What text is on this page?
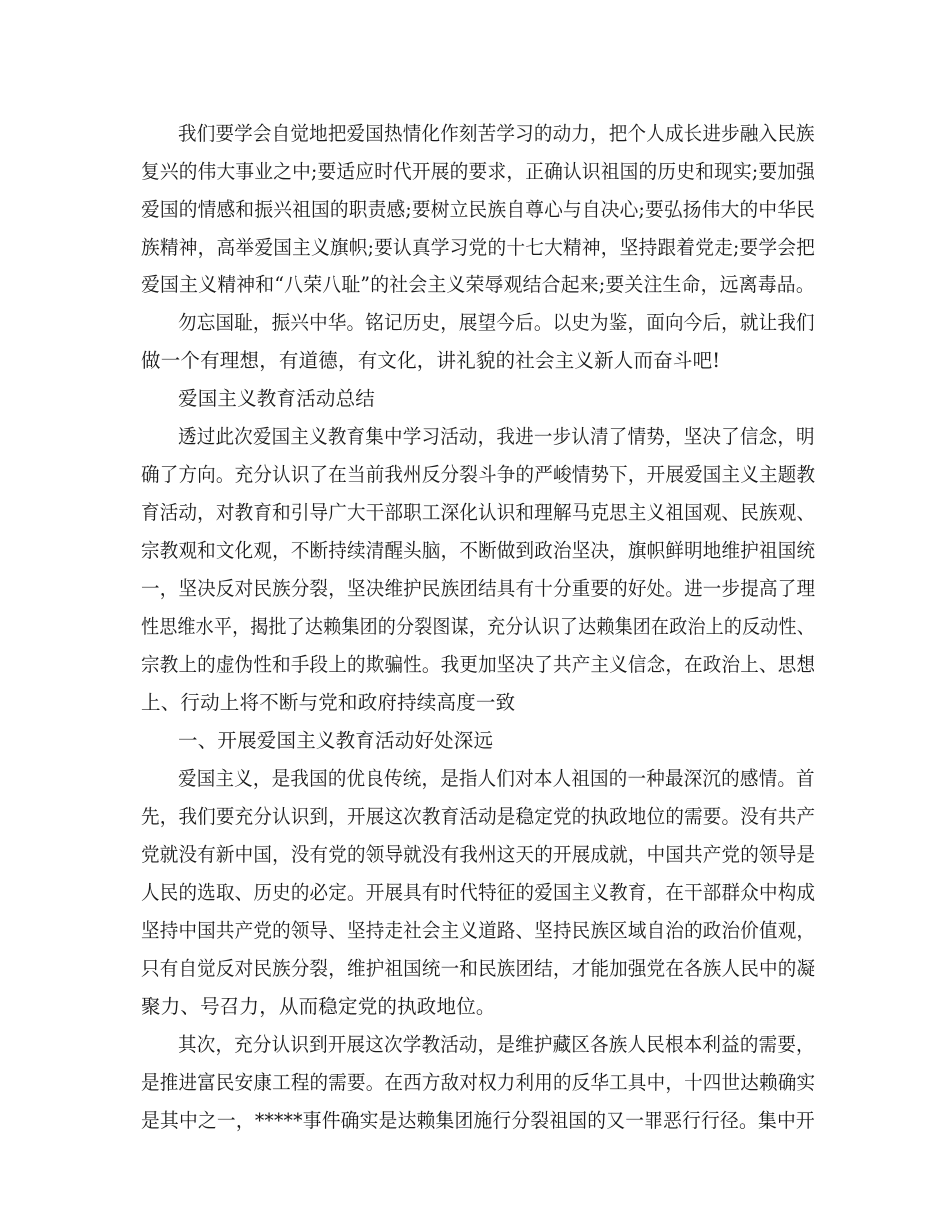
我们要学会自觉地把爱国热情化作刻苦学习的动力，把个人成长进步融入民族
复兴的伟大事业之中;要适应时代开展的要求，正确认识祖国的历史和现实;要加强
爱国的情感和振兴祖国的职责感;要树立民族自尊心与自决心;要弘扬伟大的中华民
族精神，高举爱国主义旗帜;要认真学习党的十七大精神，坚持跟着党走;要学会把
爱国主义精神和“八荣八耻”的社会主义荣辱观结合起来;要关注生命，远离毒品。
勿忘国耻，振兴中华。铭记历史，展望今后。以史为鉴，面向今后，就让我们
做一个有理想，有道德，有文化，讲礼貌的社会主义新人而奋斗吧!
爱国主义教育活动总结
透过此次爱国主义教育集中学习活动，我进一步认清了情势，坚决了信念，明
确了方向。充分认识了在当前我州反分裂斗争的严峻情势下，开展爱国主义主题教
育活动，对教育和引导广大干部职工深化认识和理解马克思主义祖国观、民族观、
宗教观和文化观，不断持续清醒头脑，不断做到政治坚决，旗帜鲜明地维护祖国统
一，坚决反对民族分裂，坚决维护民族团结具有十分重要的好处。进一步提高了理
性思维水平，揭批了达赖集团的分裂图谋，充分认识了达赖集团在政治上的反动性、
宗教上的虚伪性和手段上的欺骗性。我更加坚决了共产主义信念，在政治上、思想
上、行动上将不断与党和政府持续高度一致
一、开展爱国主义教育活动好处深远
爱国主义，是我国的优良传统，是指人们对本人祖国的一种最深沉的感情。首
先，我们要充分认识到，开展这次教育活动是稳定党的执政地位的需要。没有共产
党就没有新中国，没有党的领导就没有我州这天的开展成就，中国共产党的领导是
人民的选取、历史的必定。开展具有时代特征的爱国主义教育，在干部群众中构成
坚持中国共产党的领导、坚持走社会主义道路、坚持民族区域自治的政治价值观，
只有自觉反对民族分裂，维护祖国统一和民族团结，才能加强党在各族人民中的凝
聚力、号召力，从而稳定党的执政地位。
其次，充分认识到开展这次学教活动，是维护藏区各族人民根本利益的需要，
是推进富民安康工程的需要。在西方敌对权力利用的反华工具中，十四世达赖确实
是其中之一，*****事件确实是达赖集团施行分裂祖国的又一罪恶行行径。集中开
